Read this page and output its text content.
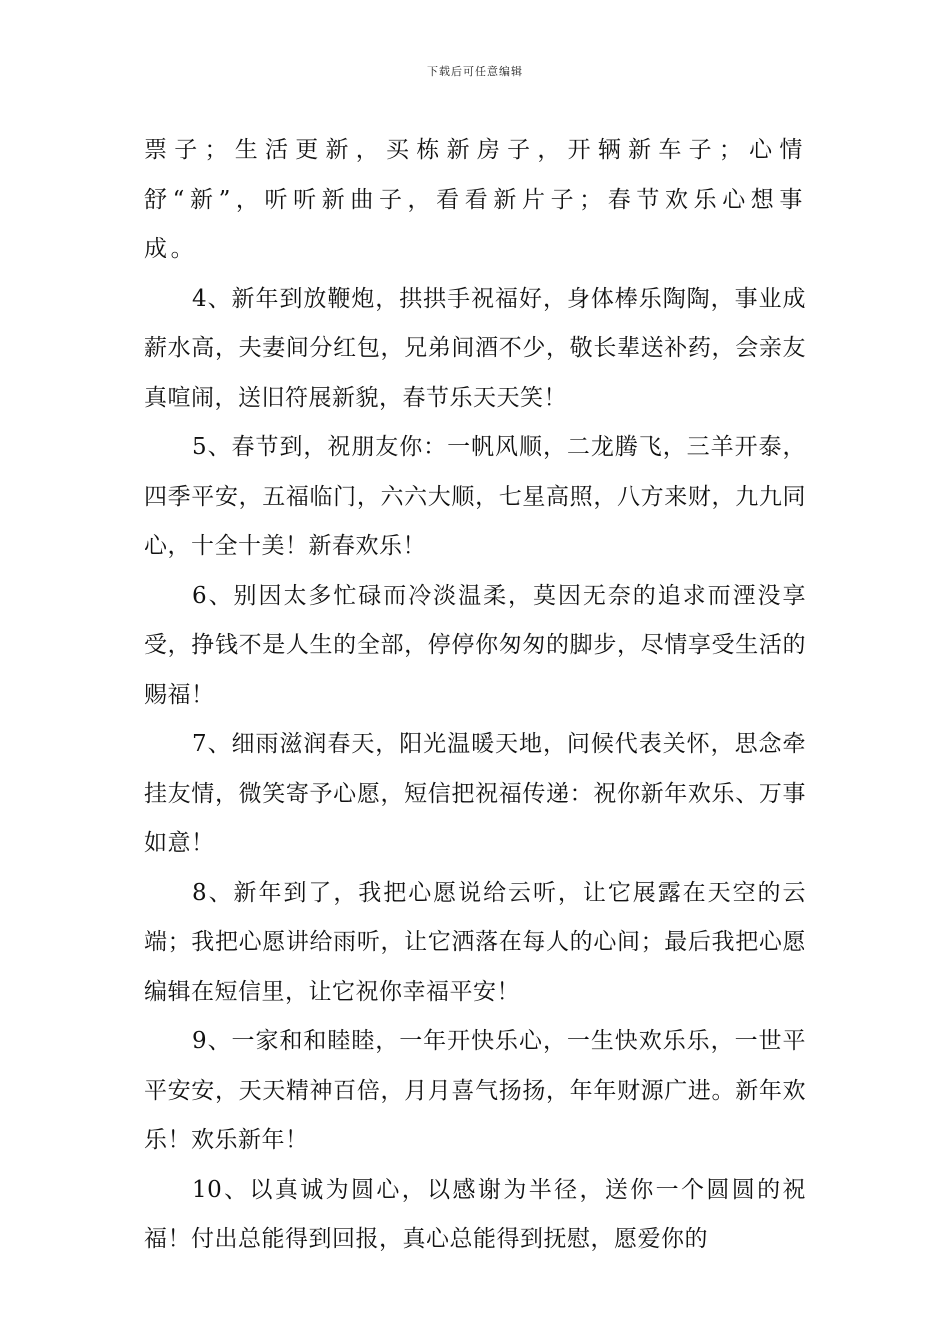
下载后可任意编辑

票子；生活更新，买栋新房子，开辆新车子；心情舒“新”，听听新曲子，看看新片子；春节欢乐心想事成。

4、新年到放鞭炮，拱拱手祝福好，身体棒乐陶陶，事业成薪水高，夫妻间分红包，兄弟间酒不少，敬长辈送补药，会亲友真喧闹，送旧符展新貌，春节乐天天笑！

5、春节到，祝朋友你：一帆风顺，二龙腾飞，三羊开泰，四季平安，五福临门，六六大顺，七星高照，八方来财，九九同心，十全十美！新春欢乐！

6、别因太多忙碌而冷淡温柔，莫因无奈的追求而湮没享受，挣钱不是人生的全部，停停你匆匆的脚步，尽情享受生活的赐福！

7、细雨滋润春天，阳光温暖天地，问候代表关怀，思念牵挂友情，微笑寄予心愿，短信把祝福传递：祝你新年欢乐、万事如意！

8、新年到了，我把心愿说给云听，让它展露在天空的云端；我把心愿讲给雨听，让它洒落在每人的心间；最后我把心愿编辑在短信里，让它祝你幸福平安！

9、一家和和睦睦，一年开快乐心，一生快欢乐乐，一世平平安安，天天精神百倍，月月喜气扬扬，年年财源广进。新年欢乐！欢乐新年！

10、以真诚为圆心，以感谢为半径，送你一个圆圆的祝福！付出总能得到回报，真心总能得到抚慰，愿爱你的
